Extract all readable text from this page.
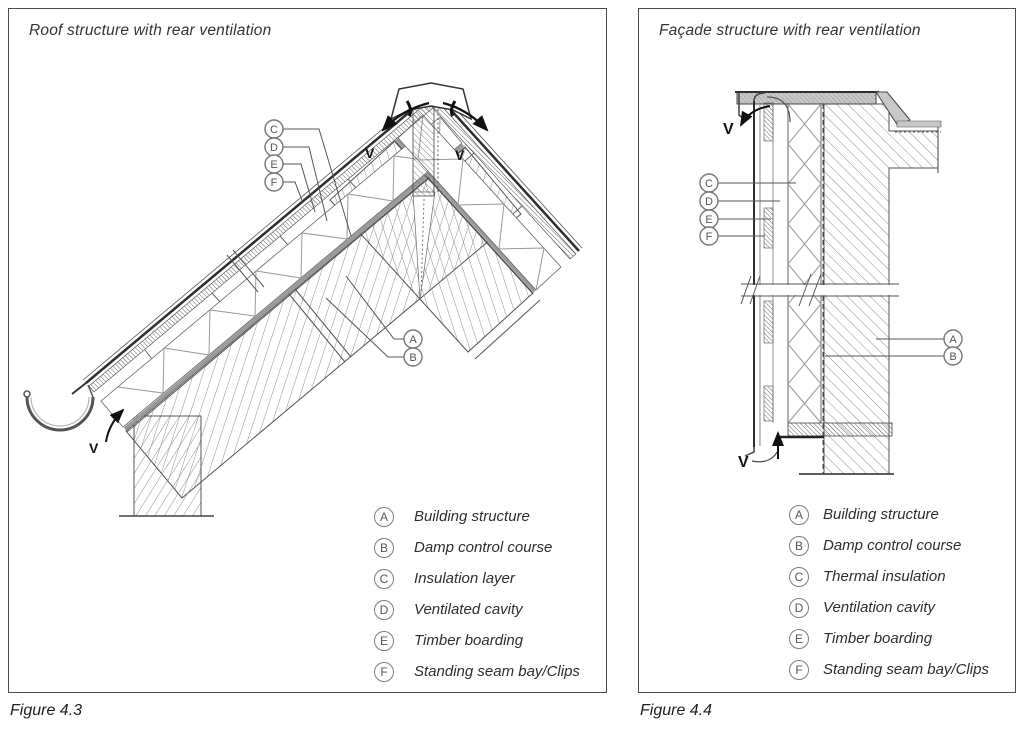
Roof structure with rear ventilation
V
V	V
C
D
E
F
A
B
A	Building structure
B	Damp control course
C	Insulation layer
D	Ventilated cavity
E	Timber boarding
F	Standing seam bay/Clips
Façade structure with rear ventilation
V
V
C
D
E
F
A
B
A	Building structure
B	Damp control course
C	Thermal insulation
D	Ventilation cavity
E	Timber boarding
F	Standing seam bay/Clips
Figure 4.3	Figure 4.4
